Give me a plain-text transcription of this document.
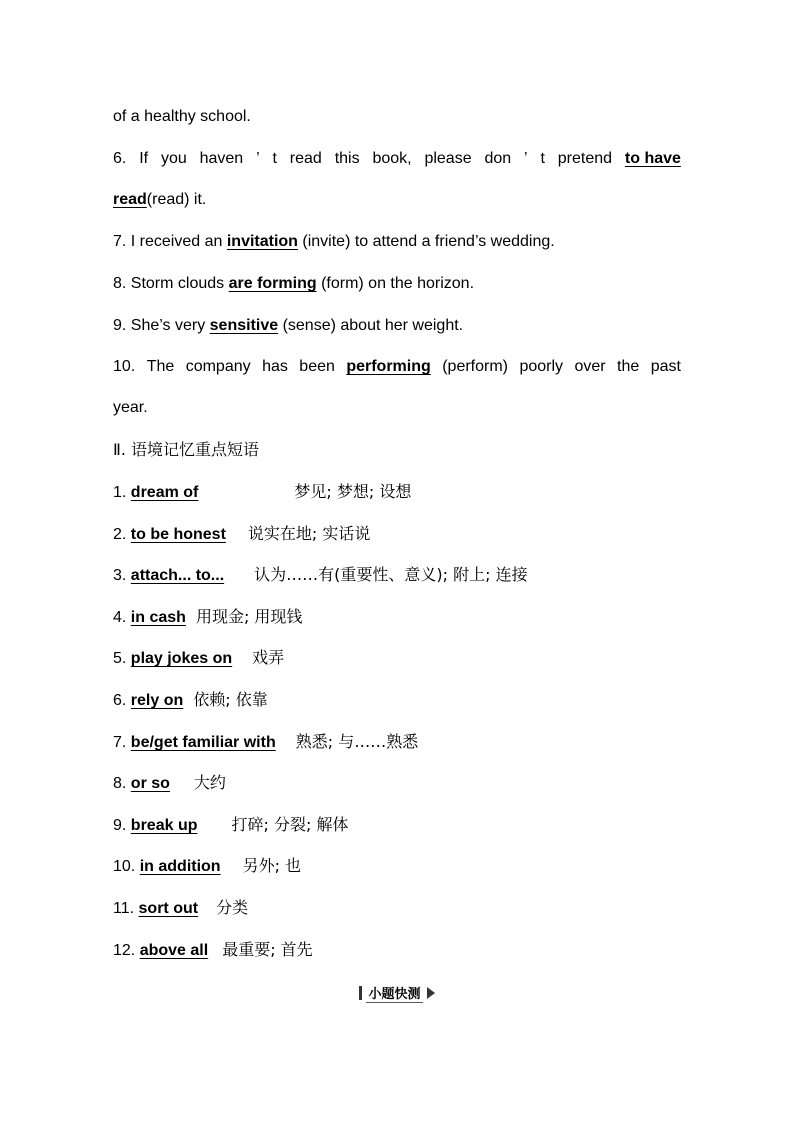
of a healthy school.
6. If you haven ’ t read this book, please don ’ t pretend to have
read(read) it.
7. I received an invitation (invite) to attend a friend’s wedding.
8. Storm clouds are forming (form) on the horizon.
9. She’s very sensitive (sense) about her weight.
10. The company has been performing (perform) poorly over the past
year.
Ⅱ. 语境记忆重点短语
1. dream of	梦见; 梦想; 设想
2. to be honest 说实在地; 实话说
3. attach... to... 认为……有(重要性、意义); 附上; 连接
4. in cash 用现金; 用现钱
5. play jokes on 戏弄
6. rely on 依赖; 依靠
7. be/get familiar with 熟悉; 与……熟悉
8. or so 大约
9. break up 打碎; 分裂; 解体
10. in addition 另外; 也
11. sort out 分类
12. above all 最重要; 首先
小题快测
